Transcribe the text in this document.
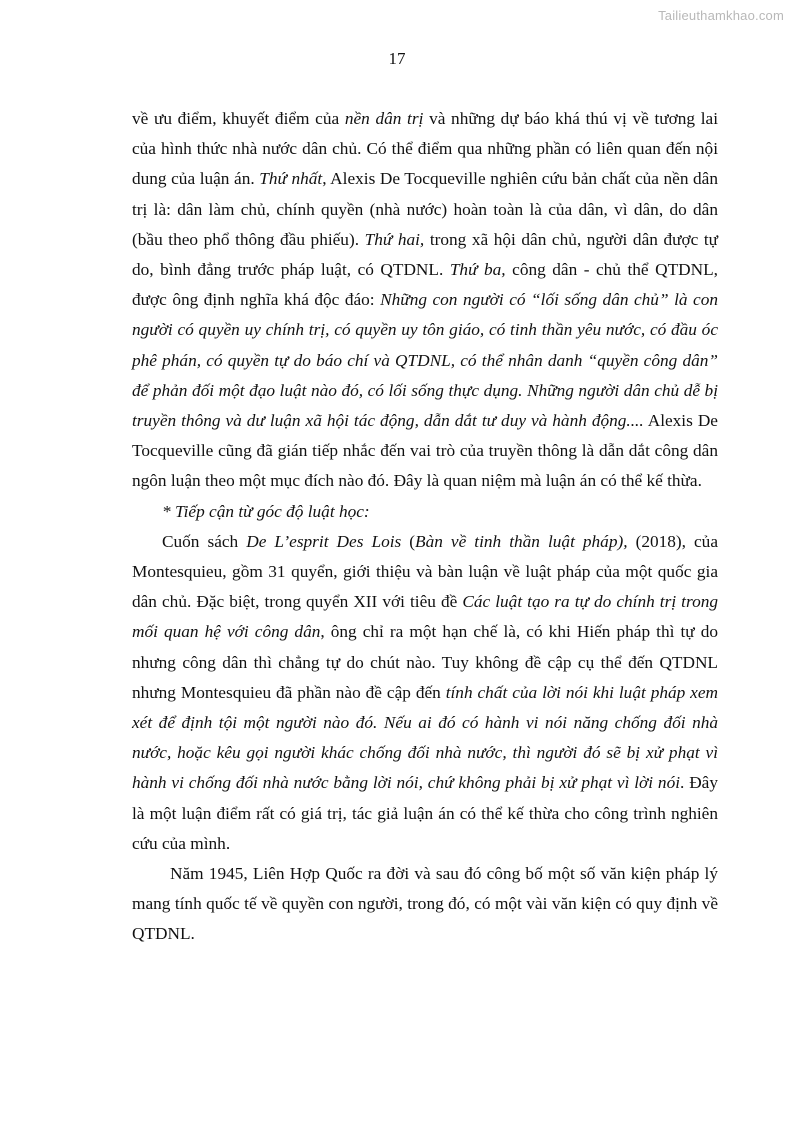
Tailieuthamkhao.com
17

về ưu điểm, khuyết điểm của nền dân trị và những dự báo khá thú vị về tương lai của hình thức nhà nước dân chủ. Có thể điểm qua những phần có liên quan đến nội dung của luận án. Thứ nhất, Alexis De Tocqueville nghiên cứu bản chất của nền dân trị là: dân làm chủ, chính quyền (nhà nước) hoàn toàn là của dân, vì dân, do dân (bầu theo phổ thông đầu phiếu). Thứ hai, trong xã hội dân chủ, người dân được tự do, bình đẳng trước pháp luật, có QTDNL. Thứ ba, công dân - chủ thể QTDNL, được ông định nghĩa khá độc đáo: Những con người có “lối sống dân chủ” là con người có quyền uy chính trị, có quyền uy tôn giáo, có tinh thần yêu nước, có đầu óc phê phán, có quyền tự do báo chí và QTDNL, có thể nhân danh “quyền công dân” để phản đối một đạo luật nào đó, có lối sống thực dụng. Những người dân chủ dễ bị truyền thông và dư luận xã hội tác động, dẫn dắt tư duy và hành động.... Alexis De Tocqueville cũng đã gián tiếp nhắc đến vai trò của truyền thông là dẫn dắt công dân ngôn luận theo một mục đích nào đó. Đây là quan niệm mà luận án có thể kế thừa.

* Tiếp cận từ góc độ luật học:

Cuốn sách De L’esprit Des Lois (Bàn về tinh thần luật pháp), (2018), của Montesquieu, gồm 31 quyển, giới thiệu và bàn luận về luật pháp của một quốc gia dân chủ. Đặc biệt, trong quyển XII với tiêu đề Các luật tạo ra tự do chính trị trong mối quan hệ với công dân, ông chỉ ra một hạn chế là, có khi Hiến pháp thì tự do nhưng công dân thì chẳng tự do chút nào. Tuy không đề cập cụ thể đến QTDNL nhưng Montesquieu đã phần nào đề cập đến tính chất của lời nói khi luật pháp xem xét để định tội một người nào đó. Nếu ai đó có hành vi nói năng chống đối nhà nước, hoặc kêu gọi người khác chống đối nhà nước, thì người đó sẽ bị xử phạt vì hành vi chống đối nhà nước bằng lời nói, chứ không phải bị xử phạt vì lời nói. Đây là một luận điểm rất có giá trị, tác giả luận án có thể kế thừa cho công trình nghiên cứu của mình.

Năm 1945, Liên Hợp Quốc ra đời và sau đó công bố một số văn kiện pháp lý mang tính quốc tế về quyền con người, trong đó, có một vài văn kiện có quy định về QTDNL.
